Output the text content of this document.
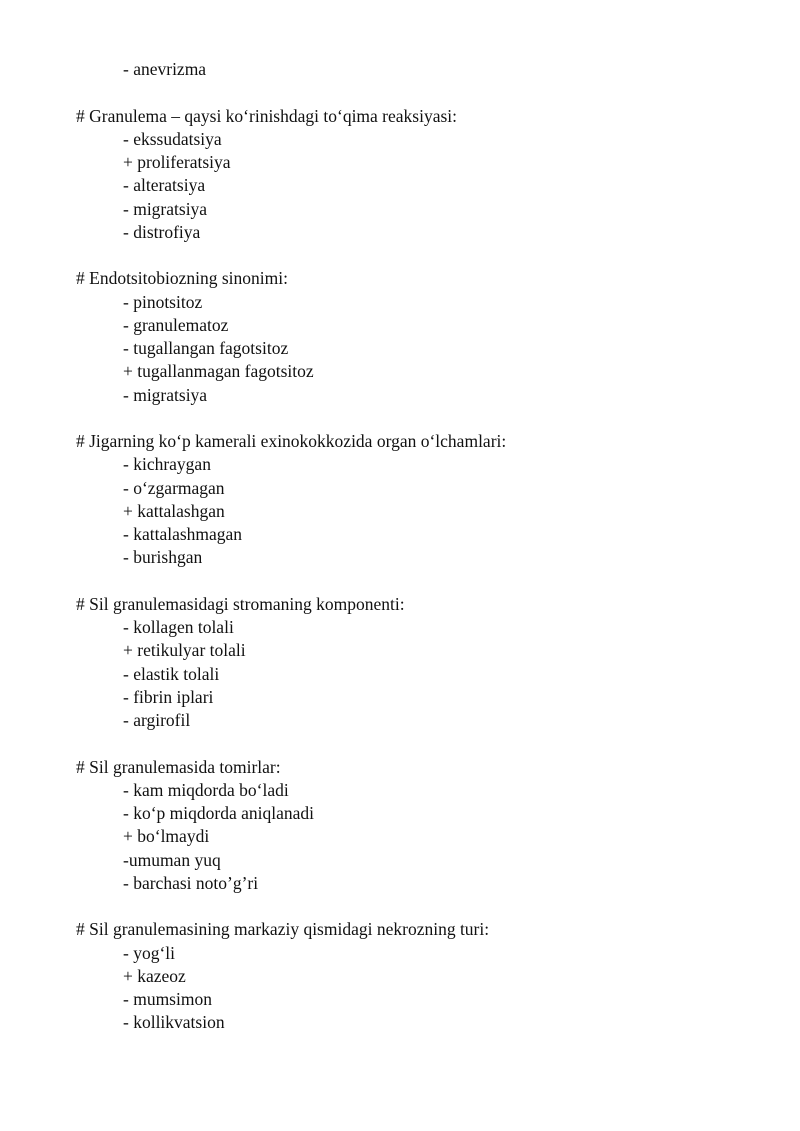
- anevrizma
# Granulema – qaysi ko‘rinishdagi to‘qima reaksiyasi:
- ekssudatsiya
+ proliferatsiya
- alteratsiya
- migratsiya
- distrofiya
# Endotsitobiozning sinonimi:
- pinotsitoz
- granulematoz
- tugallangan fagotsitoz
+ tugallanmagan fagotsitoz
- migratsiya
# Jigarning ko‘p kamerali exinokokkozida organ o‘lchamlari:
- kichraygan
- o‘zgarmagan
+ kattalashgan
- kattalashmagan
- burishgan
# Sil granulemasidagi stromaning komponenti:
- kollagen tolali
+ retikulyar tolali
- elastik tolali
- fibrin iplari
- argirofil
# Sil granulemasida tomirlar:
- kam miqdorda bo‘ladi
- ko‘p miqdorda aniqlanadi
+ bo‘lmaydi
-umuman yuq
- barchasi noto’g’ri
# Sil granulemasining markaziy qismidagi nekrozning turi:
- yog‘li
+ kazeoz
- mumsimon
- kollikvatsion
